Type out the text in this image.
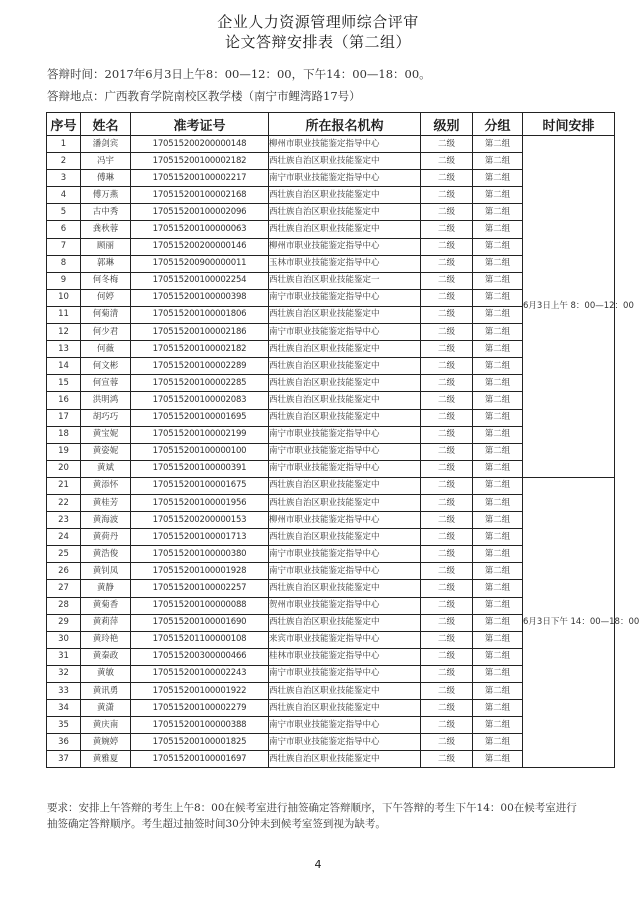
企业人力资源管理师综合评审
论文答辩安排表（第二组）
答辩时间：2017年6月3日上午8：00—12：00，下午14：00—18：00。
答辩地点：广西教育学院南校区教学楼（南宁市鲤湾路17号）
序号	姓名	准考证号	所在报名机构	级别	分组	时间安排
1	潘剑宾	170515200200000148	柳州市职业技能鉴定指导中心	二级	第二组	6月3日上午 8：00—12：00
2	冯宇	170515200100002182	西壮族自治区职业技能鉴定中	二级	第二组	
3	傅琳	170515200100002217	南宁市职业技能鉴定指导中心	二级	第二组	
4	傅万燕	170515200100002168	西壮族自治区职业技能鉴定中	二级	第二组	
5	古中秀	170515200100002096	西壮族自治区职业技能鉴定中	二级	第二组	
6	龚秋蓉	170515200100000063	西壮族自治区职业技能鉴定中	二级	第二组	
7	顾丽	170515200200000146	柳州市职业技能鉴定指导中心	二级	第二组	
8	郭琳	170515200900000011	玉林市职业技能鉴定指导中心	二级	第二组	
9	何冬梅	170515200100002254	西壮族自治区职业技能鉴定一	二级	第二组	
10	何婷	170515200100000398	南宁市职业技能鉴定指导中心	二级	第二组	
11	何菊清	170515200100001806	西壮族自治区职业技能鉴定中	二级	第二组	
12	何少君	170515200100002186	南宁市职业技能鉴定指导中心	二级	第二组	
13	何薇	170515200100002182	西壮族自治区职业技能鉴定中	二级	第二组	
14	何文彬	170515200100002289	西壮族自治区职业技能鉴定中	二级	第二组	
15	何宣蓉	170515200100002285	西壮族自治区职业技能鉴定中	二级	第二组	
16	洪明鸿	170515200100002083	西壮族自治区职业技能鉴定中	二级	第二组	
17	胡巧巧	170515200100001695	西壮族自治区职业技能鉴定中	二级	第二组	
18	黄宝妮	170515200100002199	南宁市职业技能鉴定指导中心	二级	第二组	
19	黄姿妮	170515200100000100	南宁市职业技能鉴定指导中心	二级	第二组	
20	黄斌	170515200100000391	南宁市职业技能鉴定指导中心	二级	第二组	
21	黄添怀	170515200100001675	西壮族自治区职业技能鉴定中	二级	第二组	6月3日下午 14：00—18：00
22	黄桂芳	170515200100001956	西壮族自治区职业技能鉴定中	二级	第二组	
23	黄海波	170515200200000153	柳州市职业技能鉴定指导中心	二级	第二组	
24	黄荷丹	170515200100001713	西壮族自治区职业技能鉴定中	二级	第二组	
25	黄浩俊	170515200100000380	南宁市职业技能鉴定指导中心	二级	第二组	
26	黄钊凤	170515200100001928	南宁市职业技能鉴定指导中心	二级	第二组	
27	黄静	170515200100002257	西壮族自治区职业技能鉴定中	二级	第二组	
28	黄菊香	170515200100000088	贺州市职业技能鉴定指导中心	二级	第二组	
29	黄莉萍	170515200100001690	西壮族自治区职业技能鉴定中	二级	第二组	
30	黄玲艳	170515201100000108	来宾市职业技能鉴定指导中心	二级	第二组	
31	黄秦政	170515200300000466	桂林市职业技能鉴定指导中心	二级	第二组	
32	黄敏	170515200100002243	南宁市职业技能鉴定指导中心	二级	第二组	
33	黄讯勇	170515200100001922	西壮族自治区职业技能鉴定中	二级	第二组	
34	黄潇	170515200100002279	西壮族自治区职业技能鉴定中	二级	第二组	
35	黄庆南	170515200100000388	南宁市职业技能鉴定指导中心	二级	第二组	
36	黄婉婷	170515200100001825	南宁市职业技能鉴定指导中心	二级	第二组	
37	黄雅夏	170515200100001697	西壮族自治区职业技能鉴定中	二级	第二组	
要求：安排上午答辩的考生上午8：00在候考室进行抽签确定答辩顺序，下午答辩的考生下午14：00在候考室进行抽签确定答辩顺序。考生超过抽签时间30分钟未到候考室签到视为缺考。
4
